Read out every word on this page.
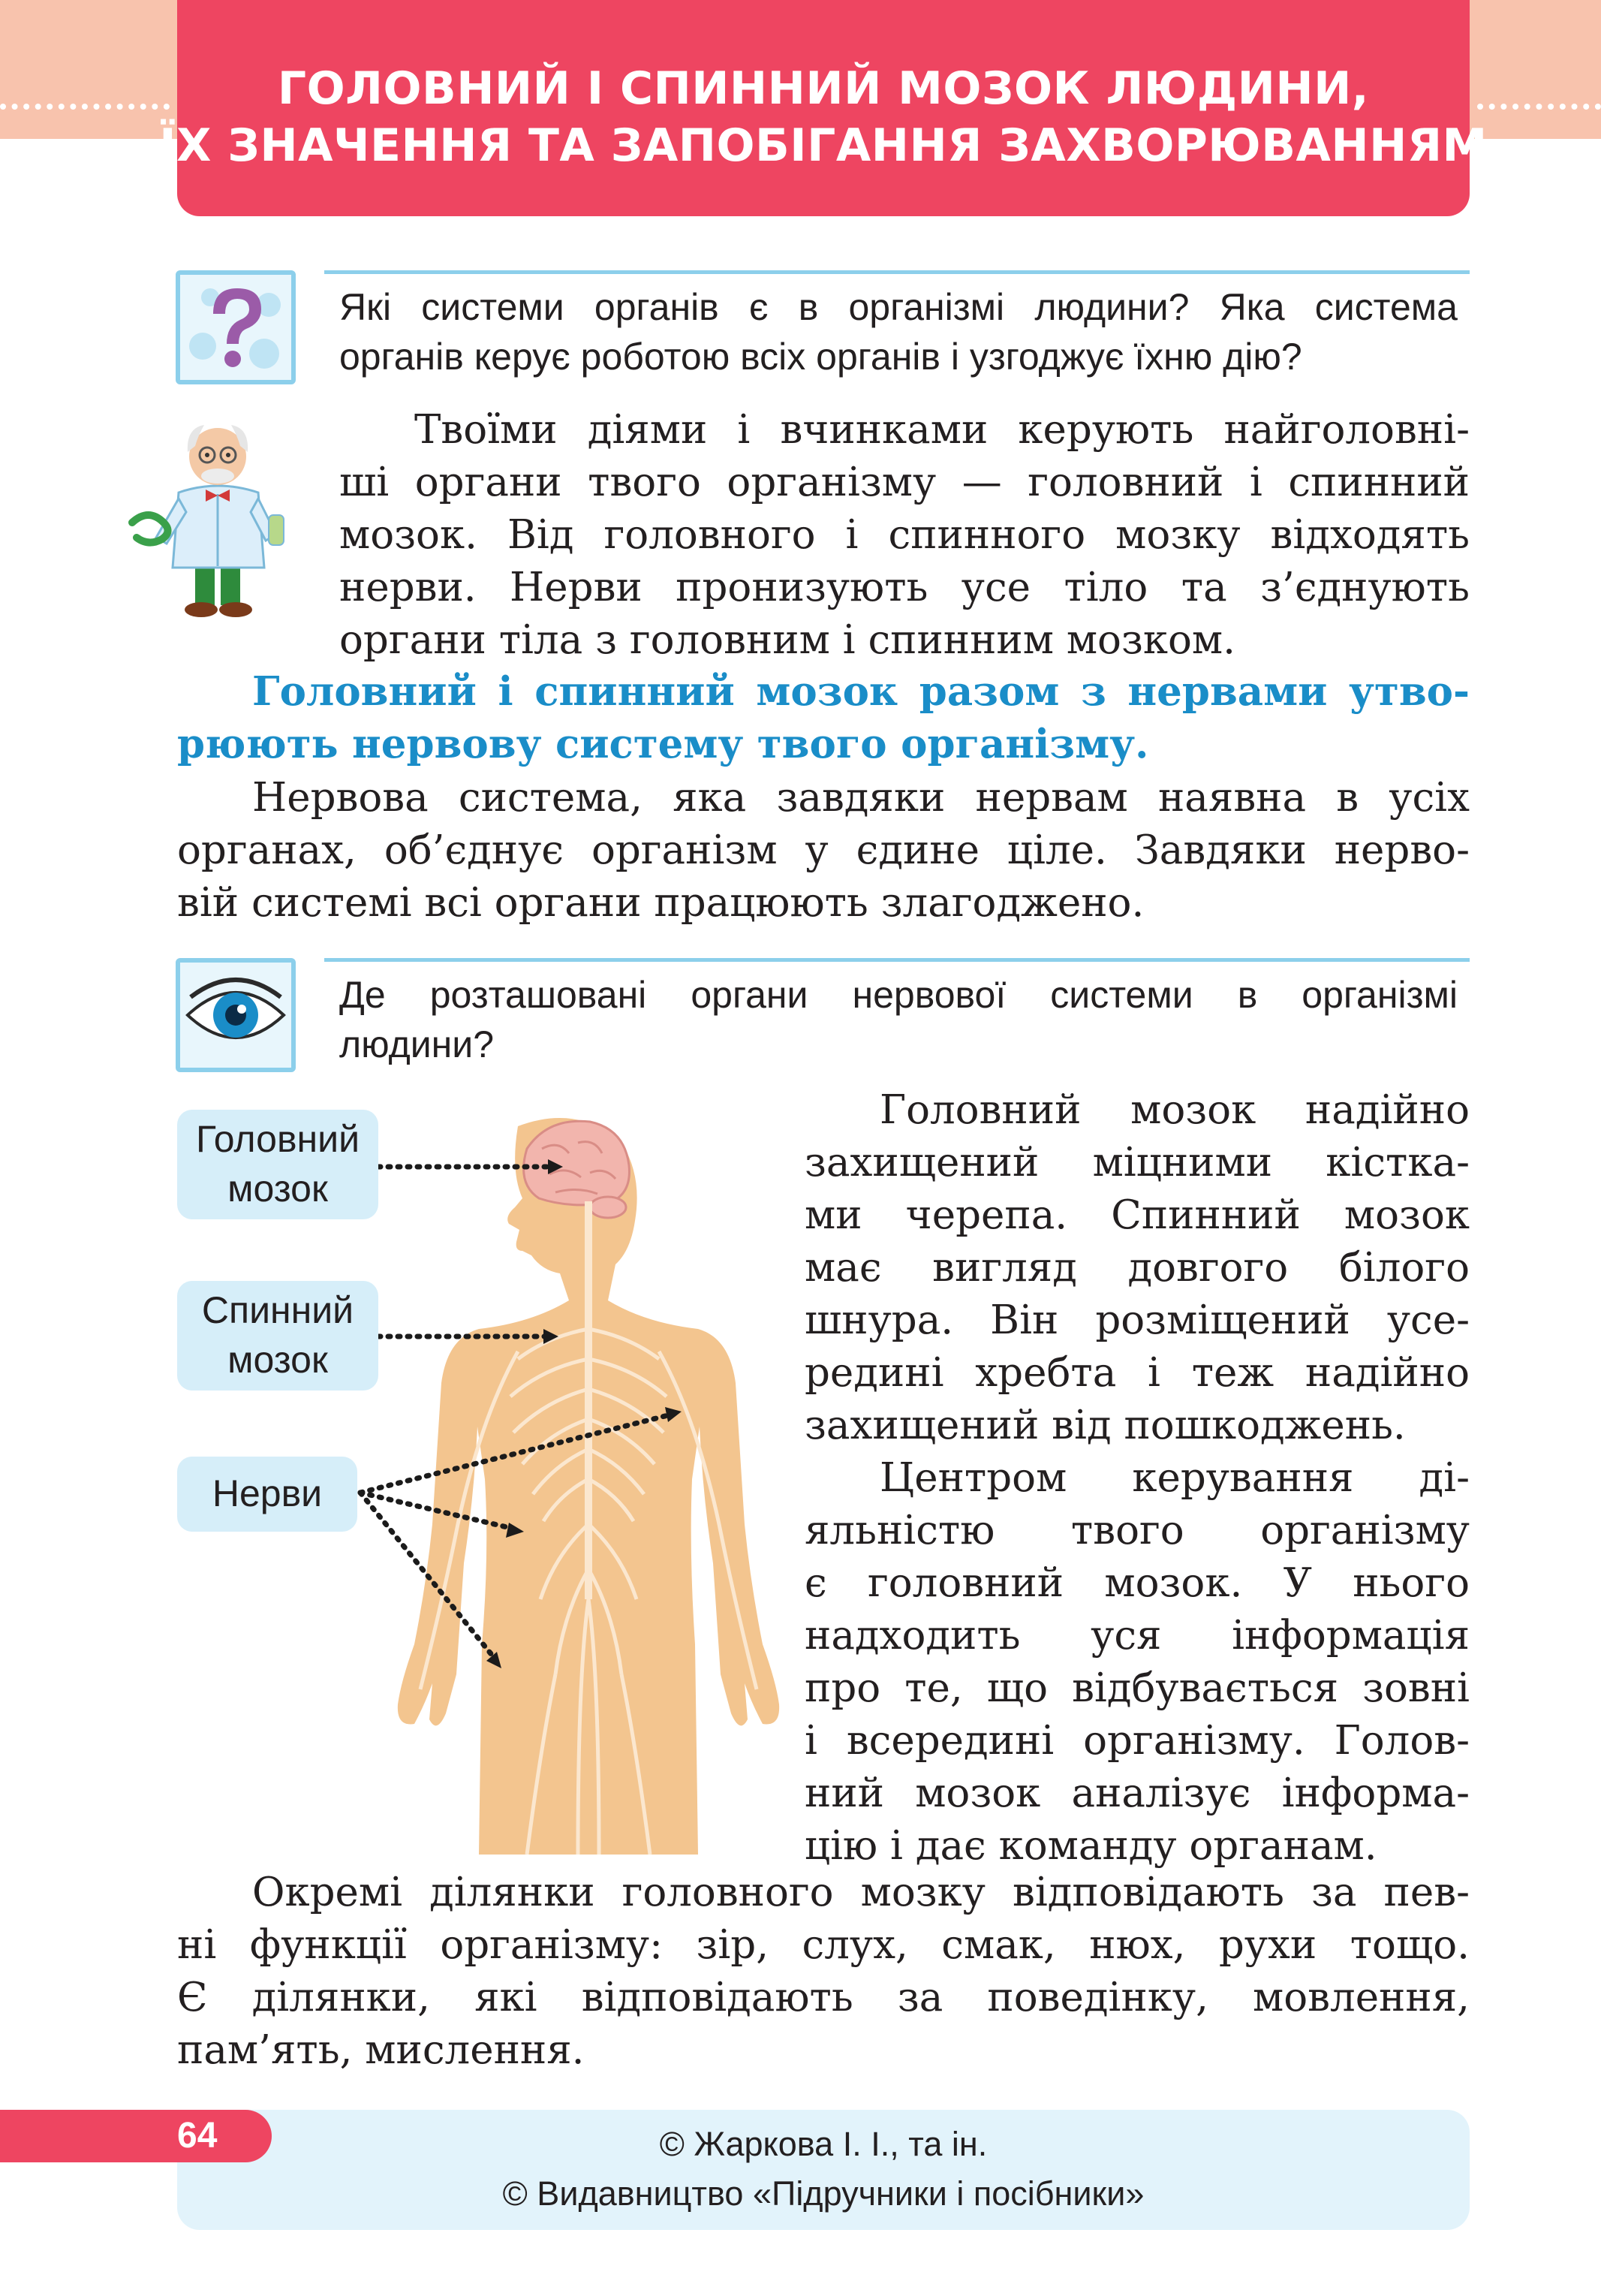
ГОЛОВНИЙ І СПИННИЙ МОЗОК ЛЮДИНИ,
ЇХ ЗНАЧЕННЯ ТА ЗАПОБІГАННЯ ЗАХВОРЮВАННЯМ
Які системи органів є в організмі людини? Яка система
органів керує роботою всіх органів і узгоджує їхню дію?
Твоїми діями і вчинками керують найголовні-
ші органи твого організму — головний і спинний
мозок. Від головного і спинного мозку відходять
нерви. Нерви пронизують усе тіло та з’єднують
органи тіла з головним і спинним мозком.
Головний і спинний мозок разом з нервами утво-
рюють нервову систему твого організму.
Нервова система, яка завдяки нервам наявна в усіх
органах, об’єднує організм у єдине ціле. Завдяки нерво-
вій системі всі органи працюють злагоджено.
Де розташовані органи нервової системи в організмі
людини?
Головний
мозок
Спинний
мозок
Нерви
Головний мозок надійно
захищений міцними кістка-
ми черепа. Спинний мозок
має вигляд довгого білого
шнура. Він розміщений усе-
редині хребта і теж надійно
захищений від пошкоджень.
Центром керування ді-
яльністю твого організму
є головний мозок. У нього
надходить уся інформація
про те, що відбувається зовні
і всередині організму. Голов-
ний мозок аналізує інформа-
цію і дає команду органам.
Окремі ділянки головного мозку відповідають за пев-
ні функції організму: зір, слух, смак, нюх, рухи тощо.
Є ділянки, які відповідають за поведінку, мовлення,
пам’ять, мислення.
64	© Жаркова І. І., та ін.
© Видавництво «Підручники і посібники»
